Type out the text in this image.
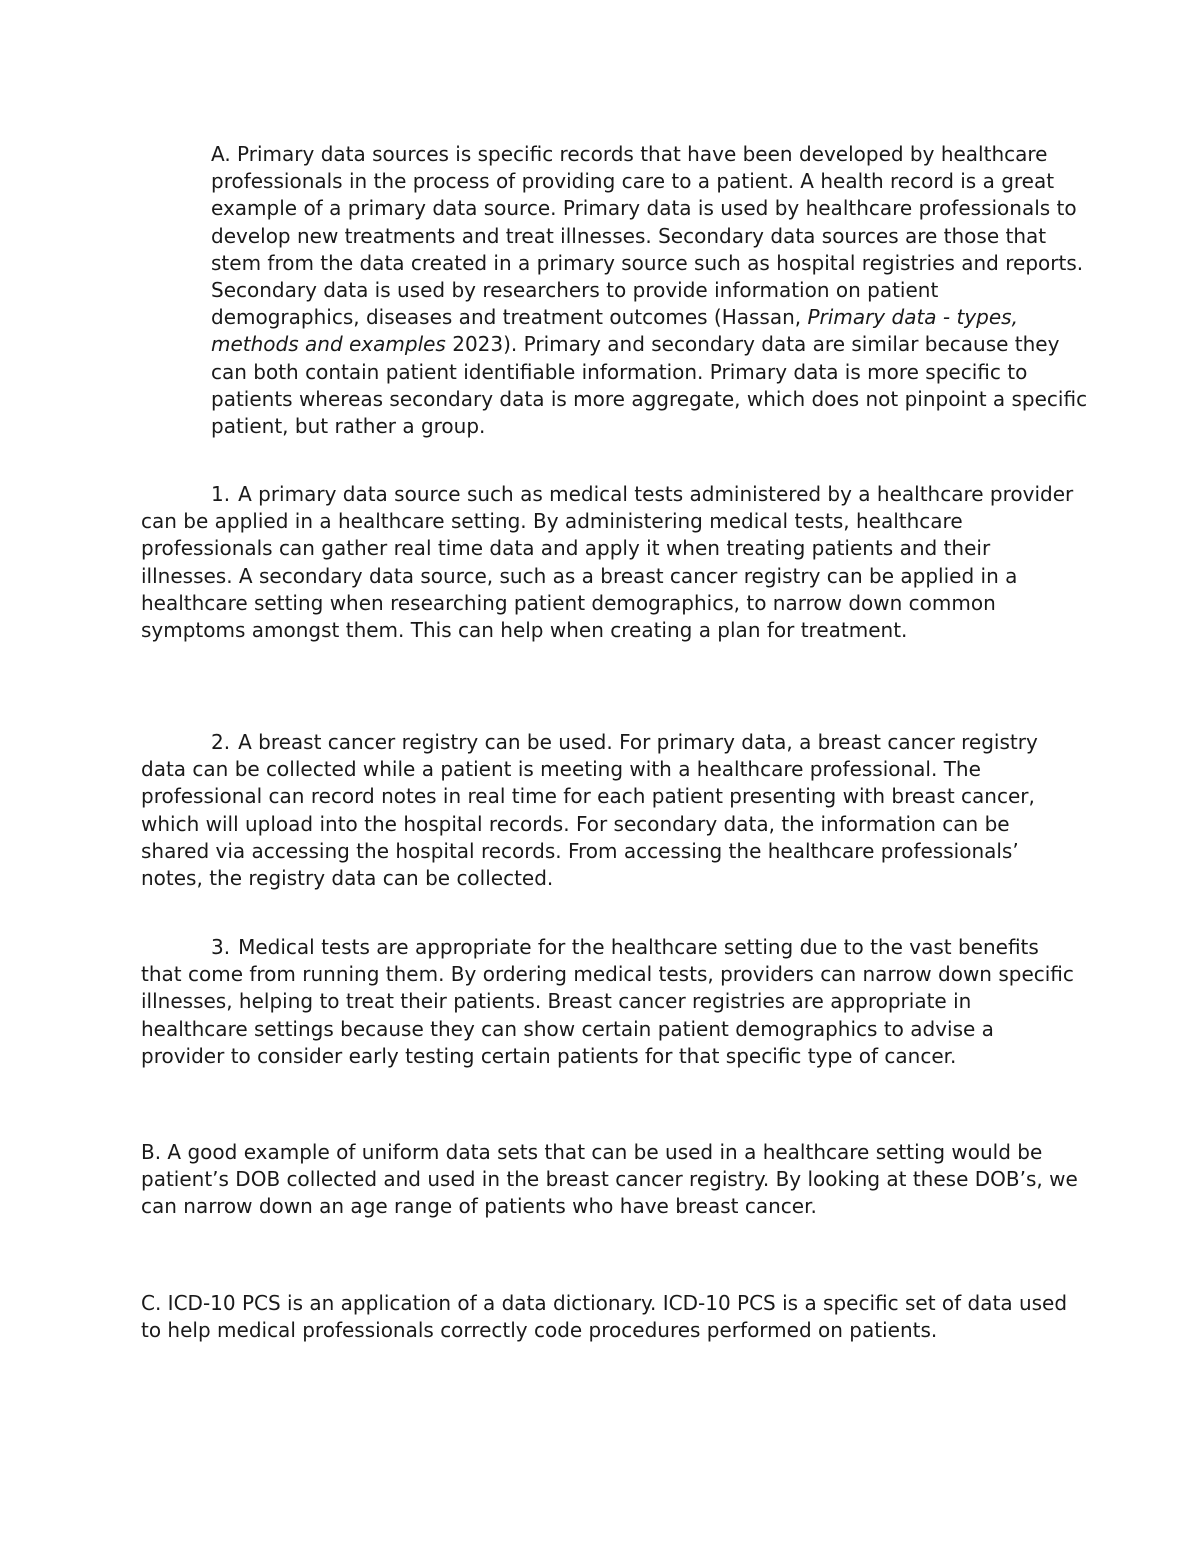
A. Primary data sources is specific records that have been developed by healthcare professionals in the process of providing care to a patient. A health record is a great example of a primary data source. Primary data is used by healthcare professionals to develop new treatments and treat illnesses. Secondary data sources are those that stem from the data created in a primary source such as hospital registries and reports. Secondary data is used by researchers to provide information on patient demographics, diseases and treatment outcomes (Hassan, Primary data - types, methods and examples 2023). Primary and secondary data are similar because they can both contain patient identifiable information. Primary data is more specific to patients whereas secondary data is more aggregate, which does not pinpoint a specific patient, but rather a group.

1. A primary data source such as medical tests administered by a healthcare provider can be applied in a healthcare setting. By administering medical tests, healthcare professionals can gather real time data and apply it when treating patients and their illnesses. A secondary data source, such as a breast cancer registry can be applied in a healthcare setting when researching patient demographics, to narrow down common symptoms amongst them. This can help when creating a plan for treatment.

2. A breast cancer registry can be used. For primary data, a breast cancer registry data can be collected while a patient is meeting with a healthcare professional. The professional can record notes in real time for each patient presenting with breast cancer, which will upload into the hospital records. For secondary data, the information can be shared via accessing the hospital records. From accessing the healthcare professionals’ notes, the registry data can be collected.

3. Medical tests are appropriate for the healthcare setting due to the vast benefits that come from running them. By ordering medical tests, providers can narrow down specific illnesses, helping to treat their patients. Breast cancer registries are appropriate in healthcare settings because they can show certain patient demographics to advise a provider to consider early testing certain patients for that specific type of cancer.

B. A good example of uniform data sets that can be used in a healthcare setting would be patient’s DOB collected and used in the breast cancer registry. By looking at these DOB’s, we can narrow down an age range of patients who have breast cancer.

C. ICD-10 PCS is an application of a data dictionary. ICD-10 PCS is a specific set of data used to help medical professionals correctly code procedures performed on patients.
